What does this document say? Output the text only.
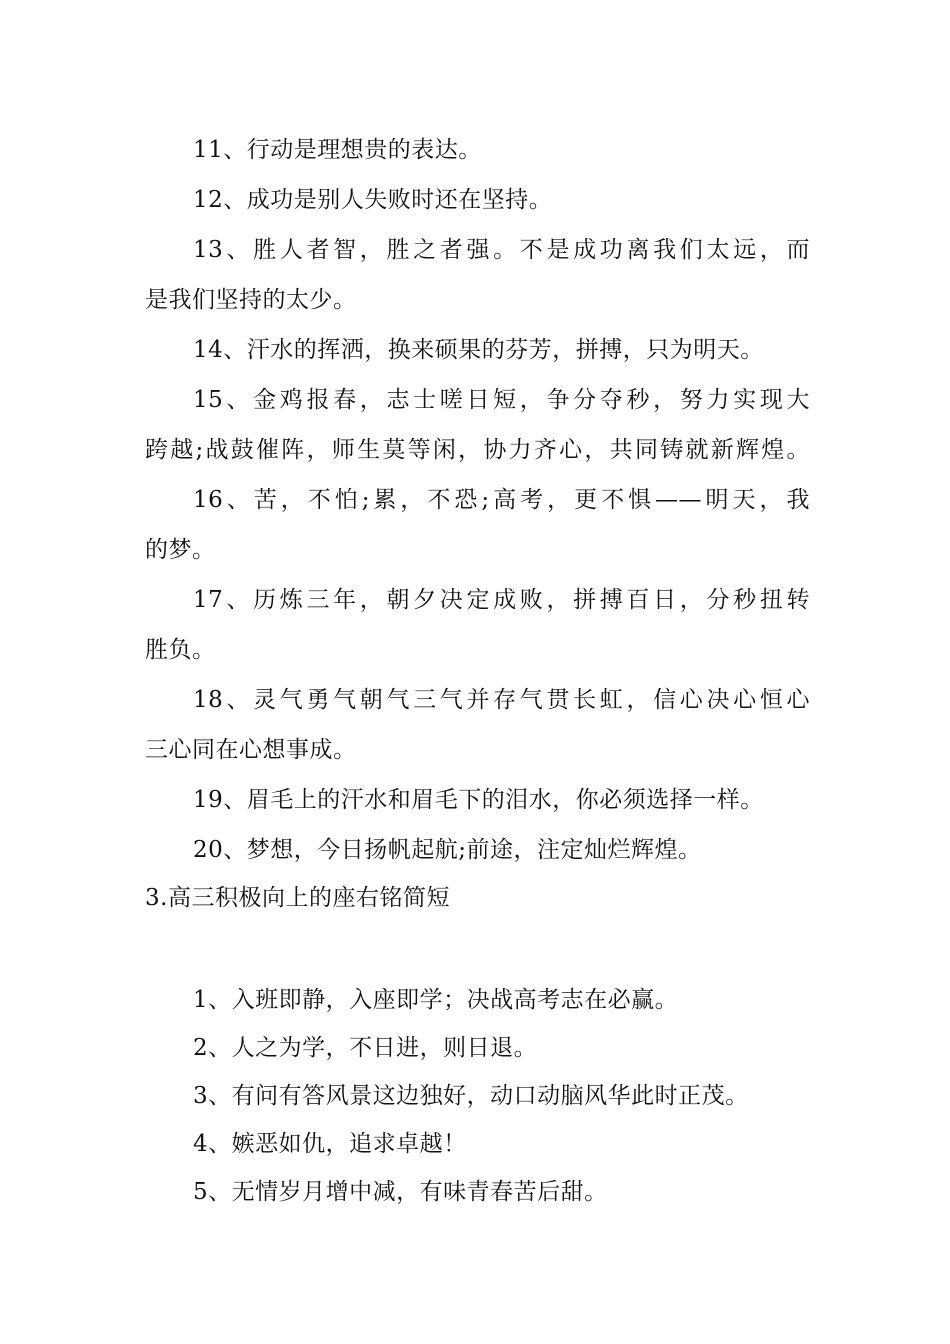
11、行动是理想贵的表达。
12、成功是别人失败时还在坚持。
13、胜人者智，胜之者强。不是成功离我们太远，而
是我们坚持的太少。
14、汗水的挥洒，换来硕果的芬芳，拼搏，只为明天。
15、金鸡报春，志士嗟日短，争分夺秒，努力实现大
跨越;战鼓催阵，师生莫等闲，协力齐心，共同铸就新辉煌。
16、苦，不怕;累，不恐;高考，更不惧——明天，我
的梦。
17、历炼三年，朝夕决定成败，拼搏百日，分秒扭转
胜负。
18、灵气勇气朝气三气并存气贯长虹，信心决心恒心
三心同在心想事成。
19、眉毛上的汗水和眉毛下的泪水，你必须选择一样。
20、梦想，今日扬帆起航;前途，注定灿烂辉煌。
3.高三积极向上的座右铭简短
1、入班即静，入座即学；决战高考志在必赢。
2、人之为学，不日进，则日退。
3、有问有答风景这边独好，动口动脑风华此时正茂。
4、嫉恶如仇，追求卓越！
5、无情岁月增中减，有味青春苦后甜。
